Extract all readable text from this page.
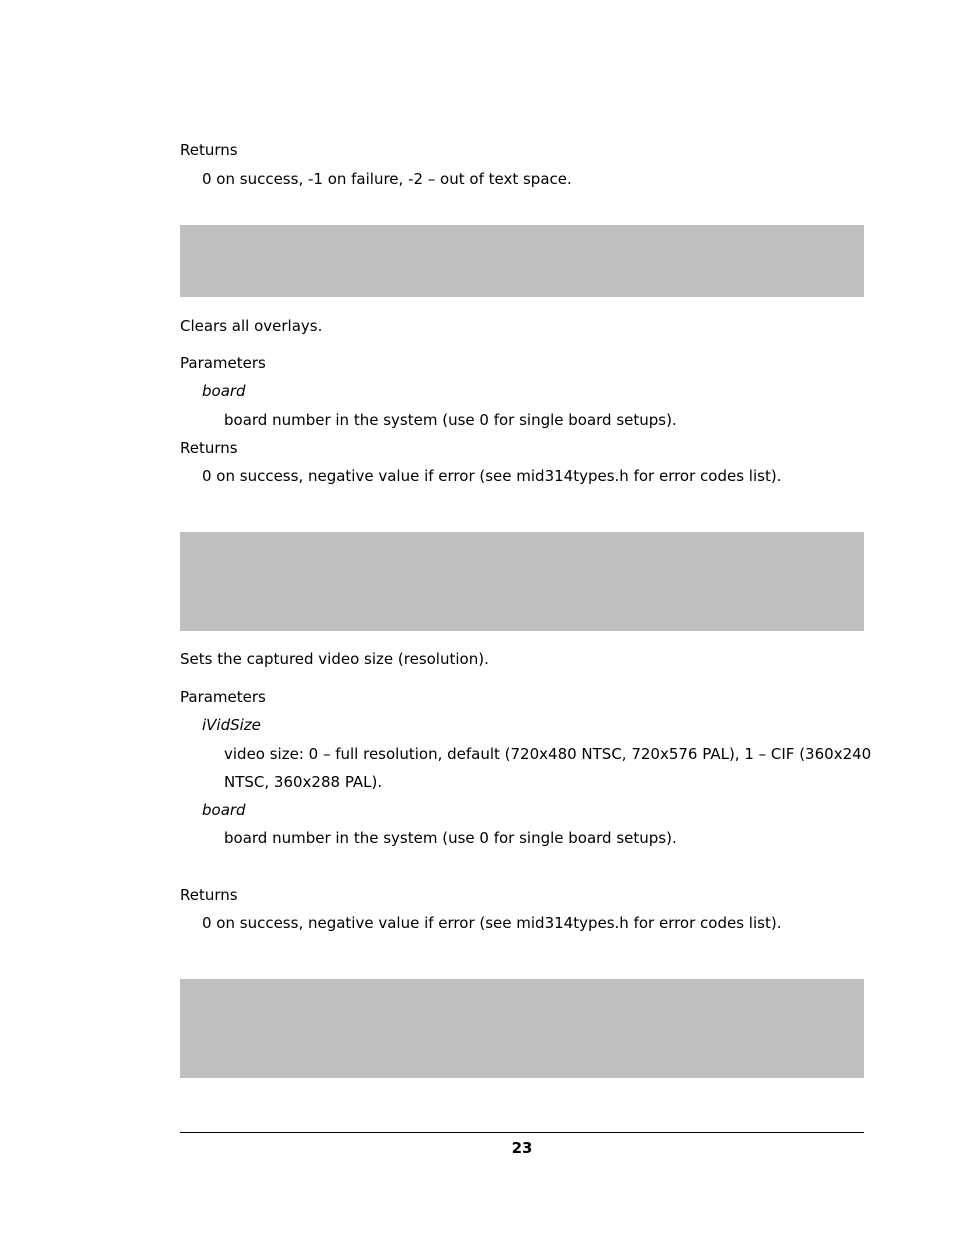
Returns
0 on success, -1 on failure, -2 – out of text space.
Clears all overlays.
Parameters
board
board number in the system (use 0 for single board setups).
Returns
0 on success, negative value if error (see mid314types.h for error codes list).
Sets the captured video size (resolution).
Parameters
iVidSize
video size: 0 – full resolution, default (720x480 NTSC, 720x576 PAL), 1 – CIF (360x240
NTSC, 360x288 PAL).
board
board number in the system (use 0 for single board setups).
Returns
0 on success, negative value if error (see mid314types.h for error codes list).
23
